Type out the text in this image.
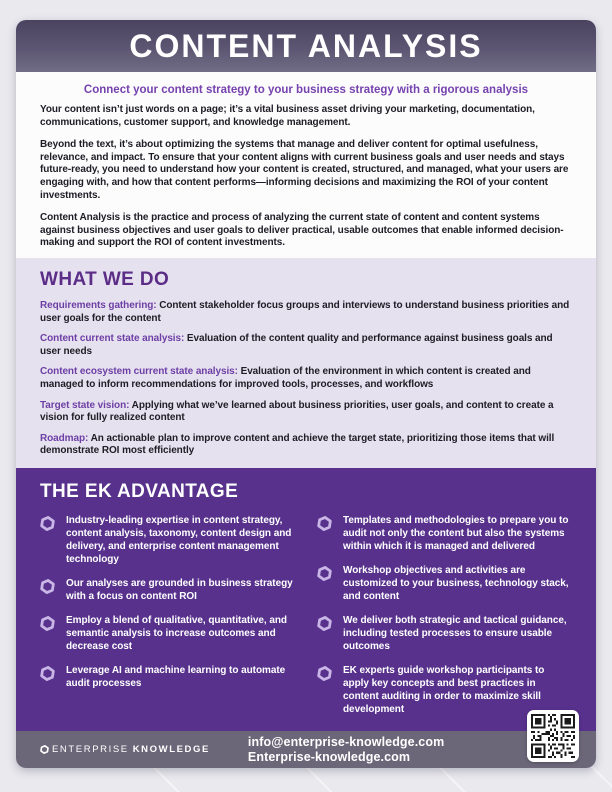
CONTENT ANALYSIS
Connect your content strategy to your business strategy with a rigorous analysis

Your content isn’t just words on a page; it’s a vital business asset driving your marketing, documentation, communications, customer support, and knowledge management.

Beyond the text, it’s about optimizing the systems that manage and deliver content for optimal usefulness, relevance, and impact. To ensure that your content aligns with current business goals and user needs and stays future-ready, you need to understand how your content is created, structured, and managed, what your users are engaging with, and how that content performs—informing decisions and maximizing the ROI of your content investments.

Content Analysis is the practice and process of analyzing the current state of content and content systems against business objectives and user goals to deliver practical, usable outcomes that enable informed decision-making and support the ROI of content investments.

WHAT WE DO

Requirements gathering: Content stakeholder focus groups and interviews to understand business priorities and user goals for the content

Content current state analysis: Evaluation of the content quality and performance against business goals and user needs

Content ecosystem current state analysis: Evaluation of the environment in which content is created and managed to inform recommendations for improved tools, processes, and workflows

Target state vision: Applying what we’ve learned about business priorities, user goals, and content to create a vision for fully realized content

Roadmap: An actionable plan to improve content and achieve the target state, prioritizing those items that will demonstrate ROI most efficiently

THE EK ADVANTAGE
Industry-leading expertise in content strategy, content analysis, taxonomy, content design and delivery, and enterprise content management technology
Our analyses are grounded in business strategy with a focus on content ROI
Employ a blend of qualitative, quantitative, and semantic analysis to increase outcomes and decrease cost
Leverage AI and machine learning to automate audit processes
Templates and methodologies to prepare you to audit not only the content but also the systems within which it is managed and delivered
Workshop objectives and activities are customized to your business, technology stack, and content
We deliver both strategic and tactical guidance, including tested processes to ensure usable outcomes
EK experts guide workshop participants to apply key concepts and best practices in content auditing in order to maximize skill development
ENTERPRISE KNOWLEDGE
info@enterprise-knowledge.com
Enterprise-knowledge.com
